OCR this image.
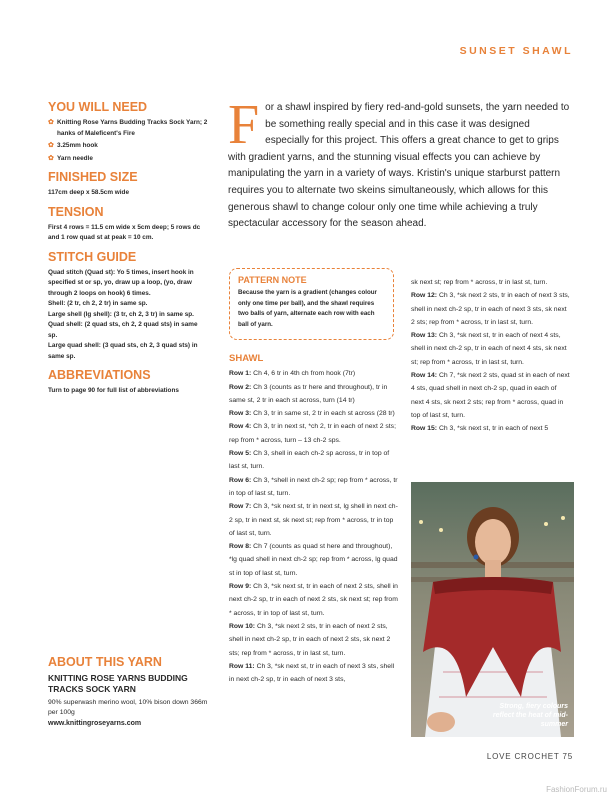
SUNSET SHAWL
YOU WILL NEED
✿ Knitting Rose Yarns Budding Tracks Sock Yarn; 2 hanks of Maleficent's Fire
✿ 3.25mm hook
✿ Yarn needle
FINISHED SIZE
117cm deep x 58.5cm wide
TENSION
First 4 rows = 11.5 cm wide x 5cm deep; 5 rows dc and 1 row quad st at peak = 10 cm.
STITCH GUIDE
Quad stitch (Quad st): Yo 5 times, insert hook in specified st or sp, yo, draw up a loop, (yo, draw through 2 loops on hook) 6 times.
Shell: (2 tr, ch 2, 2 tr) in same sp.
Large shell (lg shell): (3 tr, ch 2, 3 tr) in same sp.
Quad shell: (2 quad sts, ch 2, 2 quad sts) in same sp.
Large quad shell: (3 quad sts, ch 2, 3 quad sts) in same sp.
ABBREVIATIONS
Turn to page 90 for full list of abbreviations
ABOUT THIS YARN
KNITTING ROSE YARNS BUDDING TRACKS SOCK YARN
90% superwash merino wool, 10% bison down 366m per 100g
www.knittingroseyarns.com
For a shawl inspired by fiery red-and-gold sunsets, the yarn needed to be something really special and in this case it was designed especially for this project. This offers a great chance to get to grips with gradient yarns, and the stunning visual effects you can achieve by manipulating the yarn in a variety of ways. Kristin's unique starburst pattern requires you to alternate two skeins simultaneously, which allows for this generous shawl to change colour only one time while achieving a truly spectacular accessory for the season ahead.
PATTERN NOTE
Because the yarn is a gradient (changes colour only one time per ball), and the shawl requires two balls of yarn, alternate each row with each ball of yarn.
SHAWL

Row 1: Ch 4, 6 tr in 4th ch from hook (7tr)

Row 2: Ch 3 (counts as tr here and throughout), tr in same st, 2 tr in each st across, turn (14 tr)

Row 3: Ch 3, tr in same st, 2 tr in each st across (28 tr)

Row 4: Ch 3, tr in next st, *ch 2, tr in each of next 2 sts; rep from * across, turn – 13 ch-2 sps.

Row 5: Ch 3, shell in each ch-2 sp across, tr in top of last st, turn.

Row 6: Ch 3, *shell in next ch-2 sp; rep from * across, tr in top of last st, turn.

Row 7: Ch 3, *sk next st, tr in next st, lg shell in next ch-2 sp, tr in next st, sk next st; rep from * across, tr in top of last st, turn.

Row 8: Ch 7 (counts as quad st here and throughout), *lg quad shell in next ch-2 sp; rep from * across, lg quad st in top of last st, turn.

Row 9: Ch 3, *sk next st, tr in each of next 2 sts, shell in next ch-2 sp, tr in each of next 2 sts, sk next st; rep from * across, tr in top of last st, turn.

Row 10: Ch 3, *sk next 2 sts, tr in each of next 2 sts, shell in next ch-2 sp, tr in each of next 2 sts, sk next 2 sts; rep from * across, tr in last st, turn.

Row 11: Ch 3, *sk next st, tr in each of next 3 sts, shell in next ch-2 sp, tr in each of next 3 sts,

sk next st; rep from * across, tr in last st, turn.

Row 12: Ch 3, *sk next 2 sts, tr in each of next 3 sts, shell in next ch-2 sp, tr in each of next 3 sts, sk next 2 sts; rep from * across, tr in last st, turn.

Row 13: Ch 3, *sk next st, tr in each of next 4 sts, shell in next ch-2 sp, tr in each of next 4 sts, sk next st; rep from * across, tr in last st, turn.

Row 14: Ch 7, *sk next 2 sts, quad st in each of next 4 sts, quad shell in next ch-2 sp, quad in each of next 4 sts, sk next 2 sts; rep from * across, quad in top of last st, turn.

Row 15: Ch 3, *sk next st, tr in each of next 5

Strong, fiery colours reflect the heat of mid-summer
LOVE CROCHET 75
FashionForum.ru
